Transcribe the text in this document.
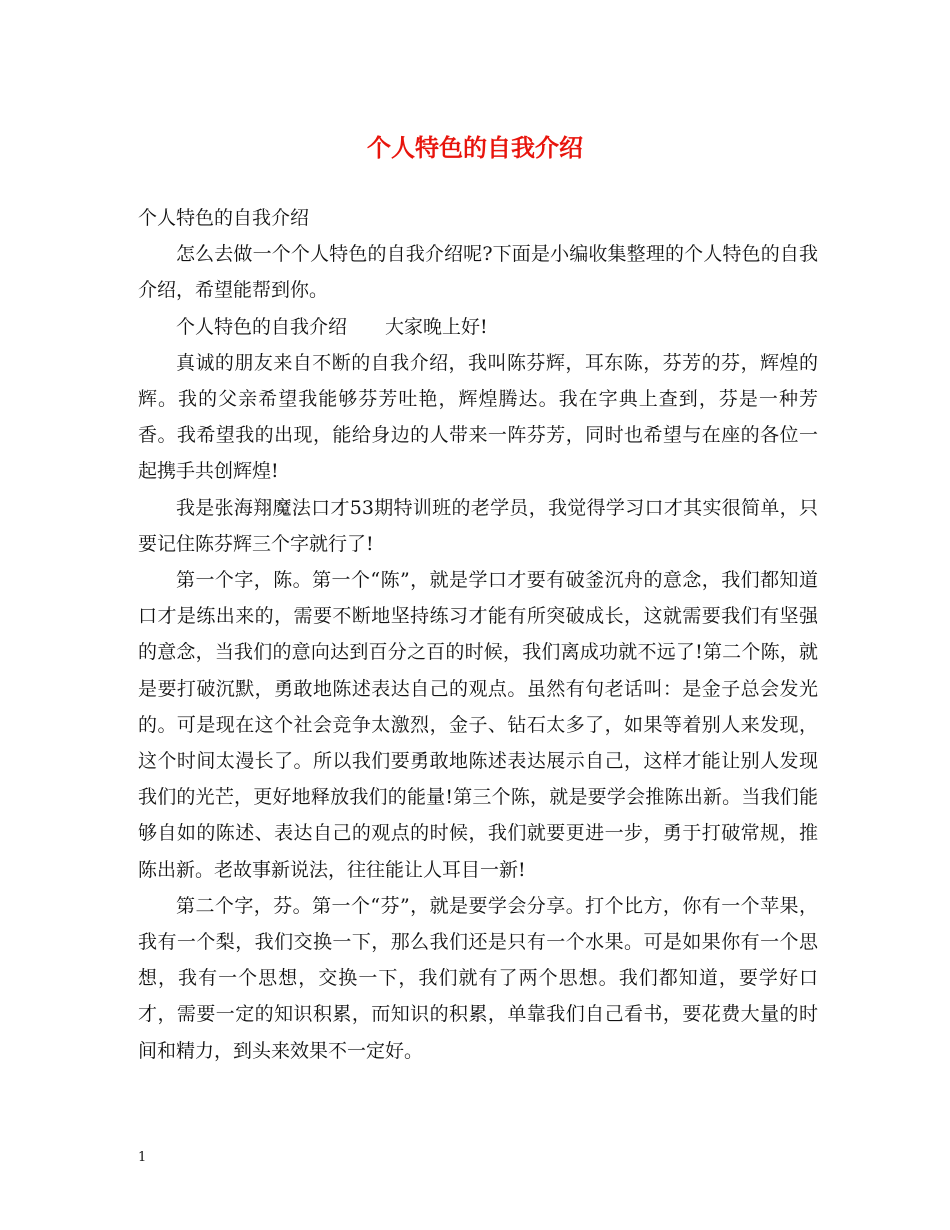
个人特色的自我介绍

个人特色的自我介绍

怎么去做一个个人特色的自我介绍呢?下面是小编收集整理的个人特色的自我介绍，希望能帮到你。

个人特色的自我介绍　　大家晚上好!

真诚的朋友来自不断的自我介绍，我叫陈芬辉，耳东陈，芬芳的芬，辉煌的辉。我的父亲希望我能够芬芳吐艳，辉煌腾达。我在字典上查到，芬是一种芳香。我希望我的出现，能给身边的人带来一阵芬芳，同时也希望与在座的各位一起携手共创辉煌!

我是张海翔魔法口才53期特训班的老学员，我觉得学习口才其实很简单，只要记住陈芬辉三个字就行了!

第一个字，陈。第一个“陈”，就是学口才要有破釜沉舟的意念，我们都知道口才是练出来的，需要不断地坚持练习才能有所突破成长，这就需要我们有坚强的意念，当我们的意向达到百分之百的时候，我们离成功就不远了!第二个陈，就是要打破沉默，勇敢地陈述表达自己的观点。虽然有句老话叫：是金子总会发光的。可是现在这个社会竞争太激烈，金子、钻石太多了，如果等着别人来发现，这个时间太漫长了。所以我们要勇敢地陈述表达展示自己，这样才能让别人发现我们的光芒，更好地释放我们的能量!第三个陈，就是要学会推陈出新。当我们能够自如的陈述、表达自己的观点的时候，我们就要更进一步，勇于打破常规，推陈出新。老故事新说法，往往能让人耳目一新!

第二个字，芬。第一个“芬”，就是要学会分享。打个比方，你有一个苹果，我有一个梨，我们交换一下，那么我们还是只有一个水果。可是如果你有一个思想，我有一个思想，交换一下，我们就有了两个思想。我们都知道，要学好口才，需要一定的知识积累，而知识的积累，单靠我们自己看书，要花费大量的时间和精力，到头来效果不一定好。

1
